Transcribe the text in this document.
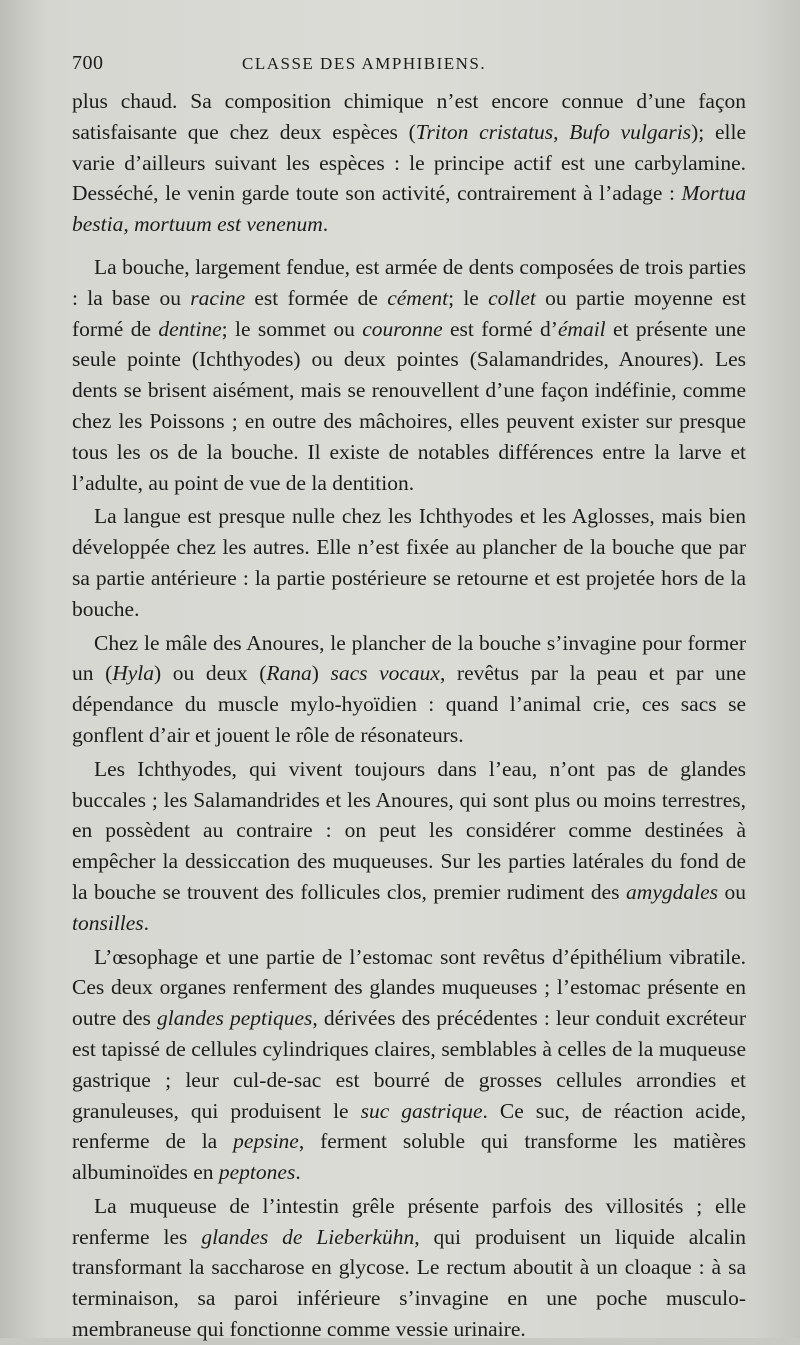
700	CLASSE DES AMPHIBIENS.

plus chaud. Sa composition chimique n’est encore connue d’une façon satisfaisante que chez deux espèces (Triton cristatus, Bufo vulgaris); elle varie d’ailleurs suivant les espèces : le principe actif est une carbylamine. Desséché, le venin garde toute son activité, contrairement à l’adage : Mortua bestia, mortuum est venenum.

La bouche, largement fendue, est armée de dents composées de trois parties : la base ou racine est formée de cément; le collet ou partie moyenne est formé de dentine; le sommet ou couronne est formé d’émail et présente une seule pointe (Ichthyodes) ou deux pointes (Salamandrides, Anoures). Les dents se brisent aisément, mais se renouvellent d’une façon indéfinie, comme chez les Poissons ; en outre des mâchoires, elles peuvent exister sur presque tous les os de la bouche. Il existe de notables différences entre la larve et l’adulte, au point de vue de la dentition.

La langue est presque nulle chez les Ichthyodes et les Aglosses, mais bien développée chez les autres. Elle n’est fixée au plancher de la bouche que par sa partie antérieure : la partie postérieure se retourne et est projetée hors de la bouche.

Chez le mâle des Anoures, le plancher de la bouche s’invagine pour former un (Hyla) ou deux (Rana) sacs vocaux, revêtus par la peau et par une dépendance du muscle mylo-hyoïdien : quand l’animal crie, ces sacs se gonflent d’air et jouent le rôle de résonateurs.

Les Ichthyodes, qui vivent toujours dans l’eau, n’ont pas de glandes buccales ; les Salamandrides et les Anoures, qui sont plus ou moins terrestres, en possèdent au contraire : on peut les considérer comme destinées à empêcher la dessiccation des muqueuses. Sur les parties latérales du fond de la bouche se trouvent des follicules clos, premier rudiment des amygdales ou tonsilles.

L’œsophage et une partie de l’estomac sont revêtus d’épithélium vibratile. Ces deux organes renferment des glandes muqueuses ; l’estomac présente en outre des glandes peptiques, dérivées des précédentes : leur conduit excréteur est tapissé de cellules cylindriques claires, semblables à celles de la muqueuse gastrique ; leur cul-de-sac est bourré de grosses cellules arrondies et granuleuses, qui produisent le suc gastrique. Ce suc, de réaction acide, renferme de la pepsine, ferment soluble qui transforme les matières albuminoïdes en peptones.

La muqueuse de l’intestin grêle présente parfois des villosités ; elle renferme les glandes de Lieberkühn, qui produisent un liquide alcalin transformant la saccharose en glycose. Le rectum aboutit à un cloaque : à sa terminaison, sa paroi inférieure s’invagine en une poche musculo-membraneuse qui fonctionne comme vessie urinaire.
